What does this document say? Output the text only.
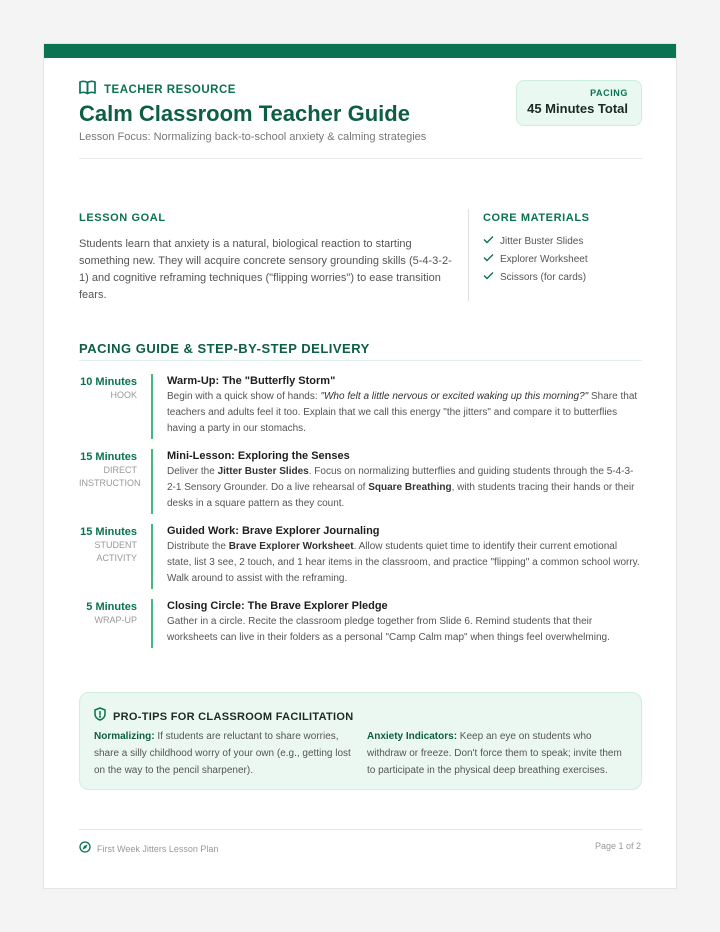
TEACHER RESOURCE
Calm Classroom Teacher Guide
Lesson Focus: Normalizing back-to-school anxiety & calming strategies
PACING
45 Minutes Total
LESSON GOAL
Students learn that anxiety is a natural, biological reaction to starting something new. They will acquire concrete sensory grounding skills (5-4-3-2-1) and cognitive reframing techniques ("flipping worries") to ease transition fears.
CORE MATERIALS
Jitter Buster Slides
Explorer Worksheet
Scissors (for cards)
PACING GUIDE & STEP-BY-STEP DELIVERY
10 Minutes
HOOK
Warm-Up: The "Butterfly Storm"
Begin with a quick show of hands: "Who felt a little nervous or excited waking up this morning?" Share that teachers and adults feel it too. Explain that we call this energy "the jitters" and compare it to butterflies having a party in our stomachs.
15 Minutes
DIRECT INSTRUCTION
Mini-Lesson: Exploring the Senses
Deliver the Jitter Buster Slides. Focus on normalizing butterflies and guiding students through the 5-4-3-2-1 Sensory Grounder. Do a live rehearsal of Square Breathing, with students tracing their hands or their desks in a square pattern as they count.
15 Minutes
STUDENT ACTIVITY
Guided Work: Brave Explorer Journaling
Distribute the Brave Explorer Worksheet. Allow students quiet time to identify their current emotional state, list 3 see, 2 touch, and 1 hear items in the classroom, and practice "flipping" a common school worry. Walk around to assist with the reframing.
5 Minutes
WRAP-UP
Closing Circle: The Brave Explorer Pledge
Gather in a circle. Recite the classroom pledge together from Slide 6. Remind students that their worksheets can live in their folders as a personal "Camp Calm map" when things feel overwhelming.
PRO-TIPS FOR CLASSROOM FACILITATION
Normalizing: If students are reluctant to share worries, share a silly childhood worry of your own (e.g., getting lost on the way to the pencil sharpener).
Anxiety Indicators: Keep an eye on students who withdraw or freeze. Don't force them to speak; invite them to participate in the physical deep breathing exercises.
First Week Jitters Lesson Plan	Page 1 of 2
